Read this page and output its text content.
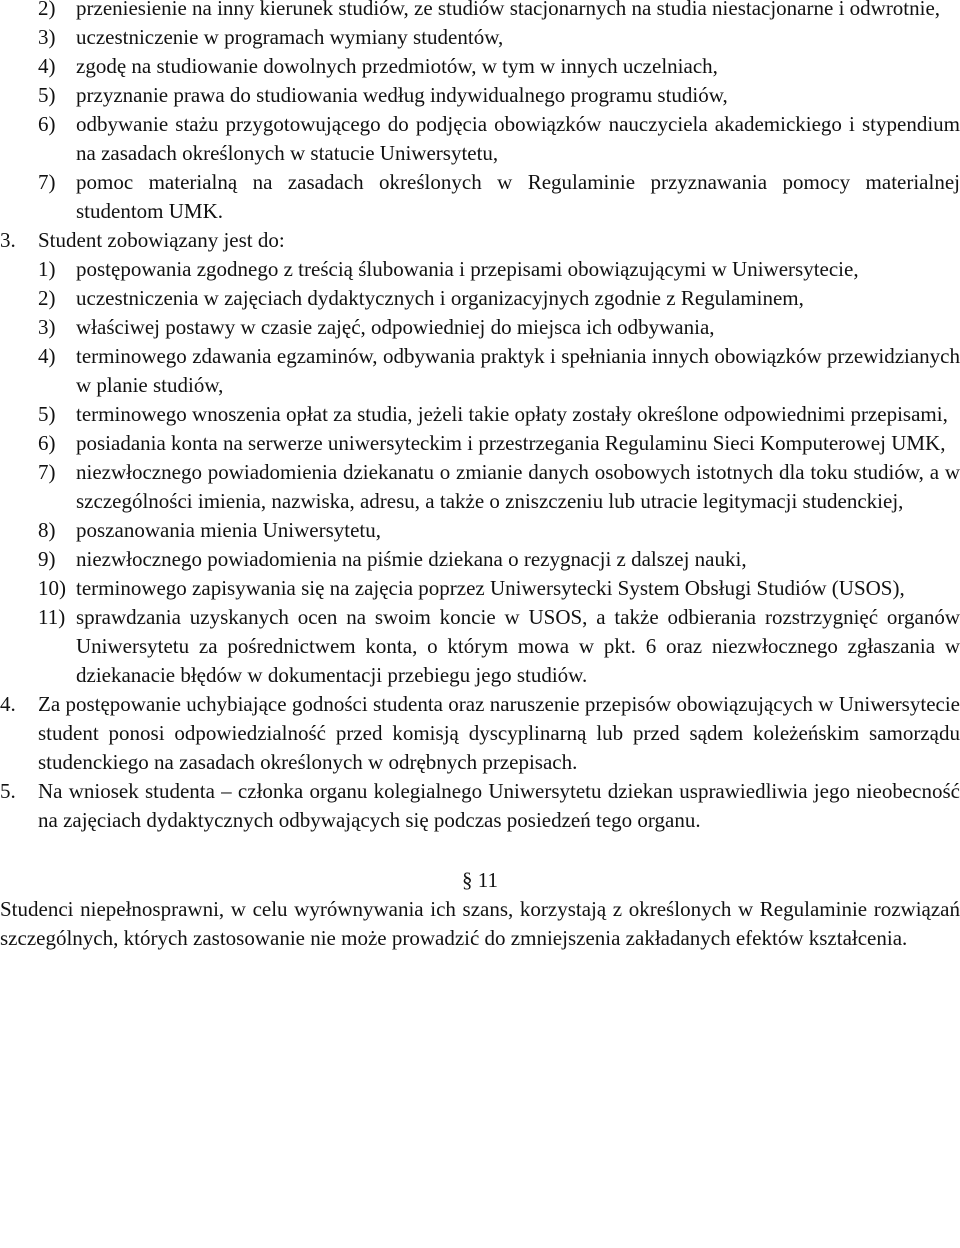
2) przeniesienie na inny kierunek studiów, ze studiów stacjonarnych na studia niestacjonarne i odwrotnie,
3) uczestniczenie w programach wymiany studentów,
4) zgodę na studiowanie dowolnych przedmiotów, w tym w innych uczelniach,
5) przyznanie prawa do studiowania według indywidualnego programu studiów,
6) odbywanie stażu przygotowującego do podjęcia obowiązków nauczyciela akademickiego i stypendium na zasadach określonych w statucie Uniwersytetu,
7) pomoc materialną na zasadach określonych w Regulaminie przyznawania pomocy materialnej studentom UMK.
3. Student zobowiązany jest do:
1) postępowania zgodnego z treścią ślubowania i przepisami obowiązującymi w Uniwersytecie,
2) uczestniczenia w zajęciach dydaktycznych i organizacyjnych zgodnie z Regulaminem,
3) właściwej postawy w czasie zajęć, odpowiedniej do miejsca ich odbywania,
4) terminowego zdawania egzaminów, odbywania praktyk i spełniania innych obowiązków przewidzianych w planie studiów,
5) terminowego wnoszenia opłat za studia, jeżeli takie opłaty zostały określone odpowiednimi przepisami,
6) posiadania konta na serwerze uniwersyteckim i przestrzegania Regulaminu Sieci Komputerowej UMK,
7) niezwłocznego powiadomienia dziekanatu o zmianie danych osobowych istotnych dla toku studiów, a w szczególności imienia, nazwiska, adresu, a także o zniszczeniu lub utracie legitymacji studenckiej,
8) poszanowania mienia Uniwersytetu,
9) niezwłocznego powiadomienia na piśmie dziekana o rezygnacji z dalszej nauki,
10) terminowego zapisywania się na zajęcia poprzez Uniwersytecki System Obsługi Studiów (USOS),
11) sprawdzania uzyskanych ocen na swoim koncie w USOS, a także odbierania rozstrzygnięć organów Uniwersytetu za pośrednictwem konta, o którym mowa w pkt. 6 oraz niezwłocznego zgłaszania w dziekanacie błędów w dokumentacji przebiegu jego studiów.
4. Za postępowanie uchybiające godności studenta oraz naruszenie przepisów obowiązujących w Uniwersytecie student ponosi odpowiedzialność przed komisją dyscyplinarną lub przed sądem koleżeńskim samorządu studenckiego na zasadach określonych w odrębnych przepisach.
5. Na wniosek studenta – członka organu kolegialnego Uniwersytetu dziekan usprawiedliwia jego nieobecność na zajęciach dydaktycznych odbywających się podczas posiedzeń tego organu.
§ 11
Studenci niepełnosprawni, w celu wyrównywania ich szans, korzystają z określonych w Regulaminie rozwiązań szczególnych, których zastosowanie nie może prowadzić do zmniejszenia zakładanych efektów kształcenia.
